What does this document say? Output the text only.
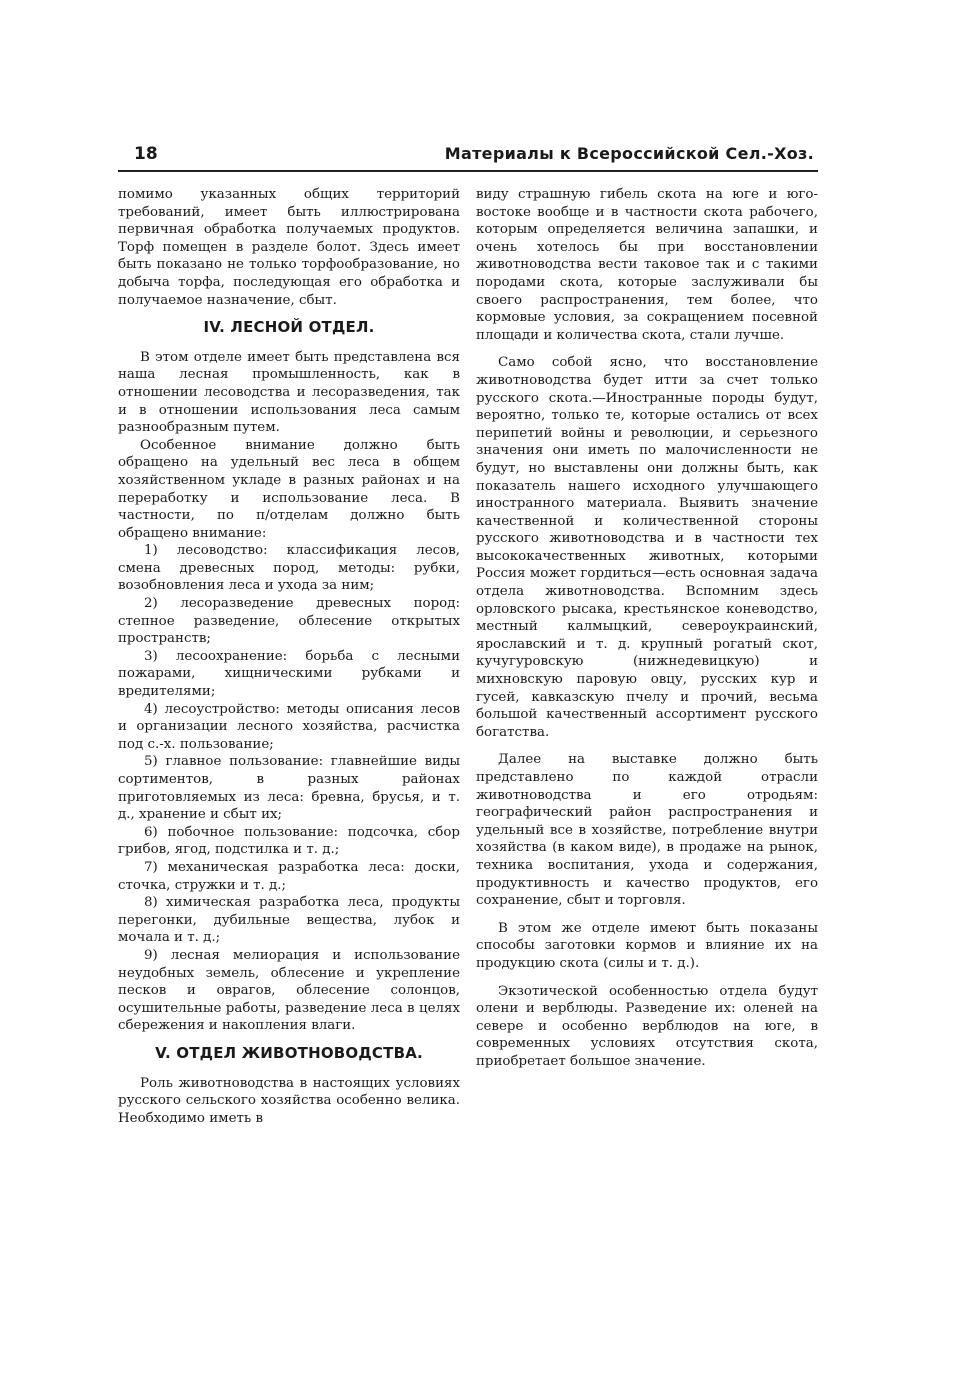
18	Материалы к Всероссийской Сел.-Хоз.

помимо указанных общих территорий требований, имеет быть иллюстрирована первичная обработка получаемых продуктов. Торф помещен в разделе болот. Здесь имеет быть показано не только торфообразование, но добыча торфа, последующая его обработка и получаемое назначение, сбыт.

IV. ЛЕСНОЙ ОТДЕЛ.

В этом отделе имеет быть представлена вся наша лесная промышленность, как в отношении лесоводства и лесоразведения, так и в отношении использования леса самым разнообразным путем.

Особенное внимание должно быть обращено на удельный вес леса в общем хозяйственном укладе в разных районах и на переработку и использование леса. В частности, по п/отделам должно быть обращено внимание:

1) лесоводство: классификация лесов, смена древесных пород, методы: рубки, возобновления леса и ухода за ним;

2) лесоразведение древесных пород: степное разведение, облесение открытых пространств;

3) лесоохранение: борьба с лесными пожарами, хищническими рубками и вредителями;

4) лесоустройство: методы описания лесов и организации лесного хозяйства, расчистка под с.-х. пользование;

5) главное пользование: главнейшие виды сортиментов, в разных районах приготовляемых из леса: бревна, брусья, и т. д., хранение и сбыт их;

6) побочное пользование: подсочка, сбор грибов, ягод, подстилка и т. д.;

7) механическая разработка леса: доски, сточка, стружки и т. д.;

8) химическая разработка леса, продукты перегонки, дубильные вещества, лубок и мочала и т. д.;

9) лесная мелиорация и использование неудобных земель, облесение и укрепление песков и оврагов, облесение солонцов, осушительные работы, разведение леса в целях сбережения и накопления влаги.

V. ОТДЕЛ ЖИВОТНОВОДСТВА.

Роль животноводства в настоящих условиях русского сельского хозяйства особенно велика. Необходимо иметь в

виду страшную гибель скота на юге и юго-востоке вообще и в частности скота рабочего, которым определяется величина запашки, и очень хотелось бы при восстановлении животноводства вести таковое так и с такими породами скота, которые заслуживали бы своего распространения, тем более, что кормовые условия, за сокращением посевной площади и количества скота, стали лучше.

Само собой ясно, что восстановление животноводства будет итти за счет только русского скота.—Иностранные породы будут, вероятно, только те, которые остались от всех перипетий войны и революции, и серьезного значения они иметь по малочисленности не будут, но выставлены они должны быть, как показатель нашего исходного улучшающего иностранного материала. Выявить значение качественной и количественной стороны русского животноводства и в частности тех высококачественных животных, которыми Россия может гордиться—есть основная задача отдела животноводства. Вспомним здесь орловского рысака, крестьянское коневодство, местный калмыцкий, североукраинский, ярославский и т. д. крупный рогатый скот, кучугуровскую (нижнедевицкую) и михновскую паровую овцу, русских кур и гусей, кавказскую пчелу и прочий, весьма большой качественный ассортимент русского богатства.

Далее на выставке должно быть представлено по каждой отрасли животноводства и его отродьям: географический район распространения и удельный все в хозяйстве, потребление внутри хозяйства (в каком виде), в продаже на рынок, техника воспитания, ухода и содержания, продуктивность и качество продуктов, его сохранение, сбыт и торговля.

В этом же отделе имеют быть показаны способы заготовки кормов и влияние их на продукцию скота (силы и т. д.).

Экзотической особенностью отдела будут олени и верблюды. Разведение их: оленей на севере и особенно верблюдов на юге, в современных условиях отсутствия скота, приобретает большое значение.
